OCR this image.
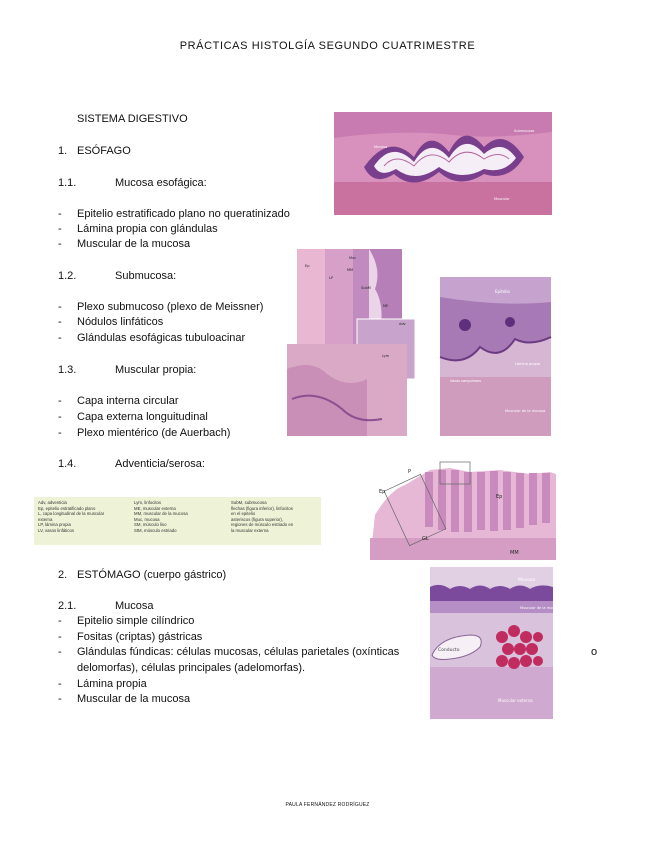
PRÁCTICAS HISTOLGÍA SEGUNDO CUATRIMESTRE
SISTEMA DIGESTIVO
1. ESÓFAGO
1.1.	Mucosa esofágica:
- Epitelio estratificado plano no queratinizado
- Lámina propia con glándulas
- Muscular de la mucosa
1.2.	Submucosa:
- Plexo submucoso (plexo de Meissner)
- Nódulos linfáticos
- Glándulas esofágicas tubuloacinar
1.3.	Muscular propia:
- Capa interna circular
- Capa externa longuitudinal
- Plexo mientérico (de Auerbach)
1.4.	Adventicia/serosa:
Adv, adventicia
Ep, epitelio estratificado plano
L, capa longitudinal de la muscular
externa
LP, lámina propia
LV, vasos linfáticos
Lym, linfocitos
ME, muscular externa
MM, muscular de la mucosa
Muc, mucosa
SM, músculo liso
StM, músculo estriado
SubM, submucosa
flechas (figura inferior), linfocitos
en el epitelio
asteriscos (figura superior),
regiones de músculo estriado en
la muscular externa
2. ESTÓMAGO (cuerpo gástrico)
2.1.	Mucosa
- Epitelio simple cilíndrico
- Fositas (criptas) gástricas
- Glándulas fúndicas: células mucosas, células parietales (oxínticas
delomorfas), células principales (adelomorfas).
o
- Lámina propia
- Muscular de la mucosa
PAULA FERNÁNDEZ RODRÍGUEZ
Mucosa
Submucosa
Muscular
Ep
LP
MM
SubM
ME
Adv
Lym
Muc
Epitelio
Lámina propia
Vasos sanguíneos
Muscular de la mucosa
Ep
P
Ep
GL
MM
Mucosa
Muscular de la mucosa
Conducto
Muscular externa
